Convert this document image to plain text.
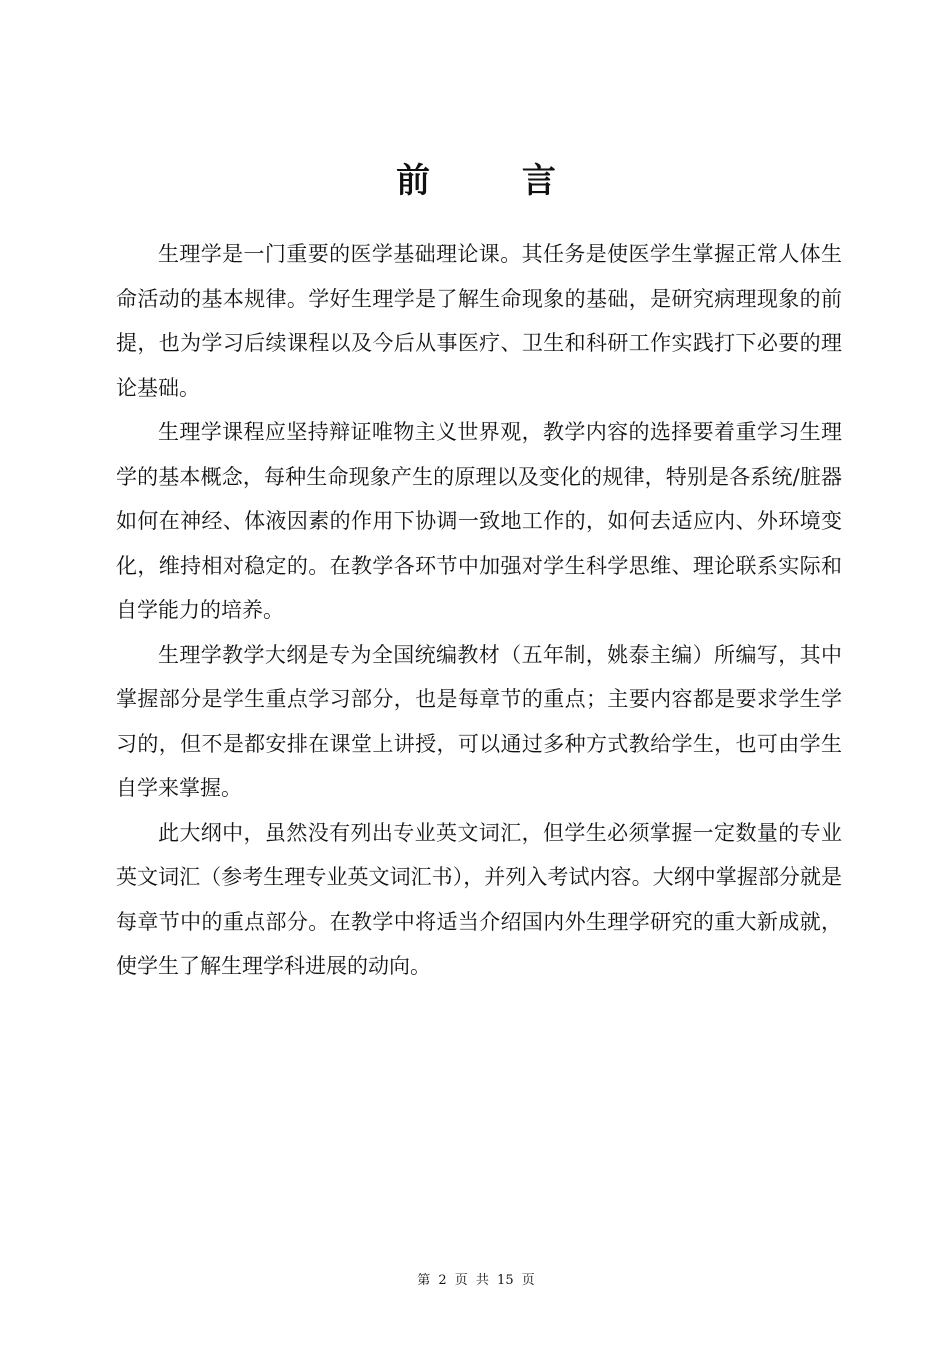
前 言

生理学是一门重要的医学基础理论课。其任务是使医学生掌握正常人体生命活动的基本规律。学好生理学是了解生命现象的基础，是研究病理现象的前提，也为学习后续课程以及今后从事医疗、卫生和科研工作实践打下必要的理论基础。

生理学课程应坚持辩证唯物主义世界观，教学内容的选择要着重学习生理学的基本概念，每种生命现象产生的原理以及变化的规律，特别是各系统/脏器如何在神经、体液因素的作用下协调一致地工作的，如何去适应内、外环境变化，维持相对稳定的。在教学各环节中加强对学生科学思维、理论联系实际和自学能力的培养。

生理学教学大纲是专为全国统编教材（五年制，姚泰主编）所编写，其中掌握部分是学生重点学习部分，也是每章节的重点；主要内容都是要求学生学习的，但不是都安排在课堂上讲授，可以通过多种方式教给学生，也可由学生自学来掌握。

此大纲中，虽然没有列出专业英文词汇，但学生必须掌握一定数量的专业英文词汇（参考生理专业英文词汇书），并列入考试内容。大纲中掌握部分就是每章节中的重点部分。在教学中将适当介绍国内外生理学研究的重大新成就，使学生了解生理学科进展的动向。

第 2 页 共 15 页
